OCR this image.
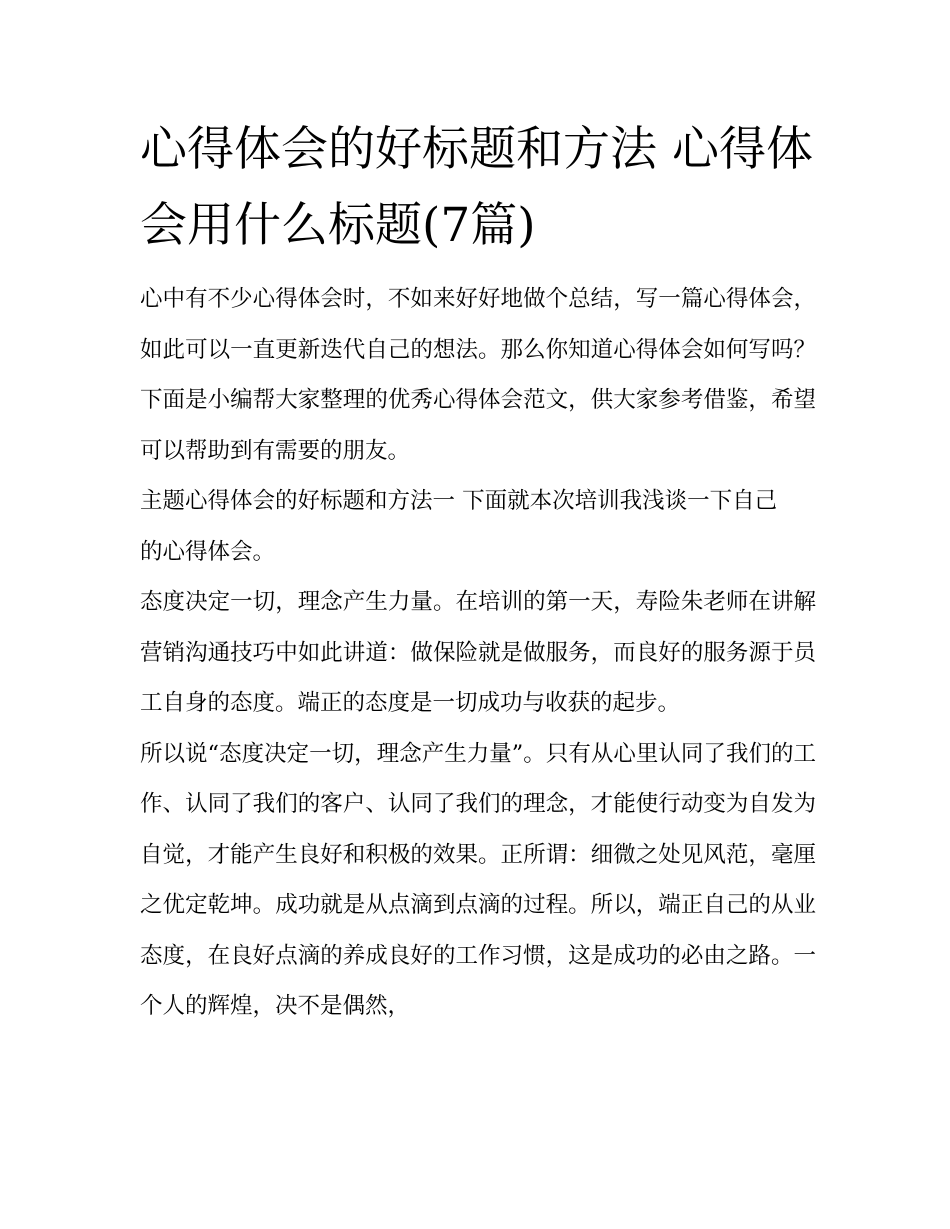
心得体会的好标题和方法 心得体会用什么标题(7篇)

心中有不少心得体会时，不如来好好地做个总结，写一篇心得体会，如此可以一直更新迭代自己的想法。那么你知道心得体会如何写吗？下面是小编帮大家整理的优秀心得体会范文，供大家参考借鉴，希望可以帮助到有需要的朋友。

主题心得体会的好标题和方法一 下面就本次培训我浅谈一下自己的心得体会。

态度决定一切，理念产生力量。在培训的第一天，寿险朱老师在讲解营销沟通技巧中如此讲道：做保险就是做服务，而良好的服务源于员工自身的态度。端正的态度是一切成功与收获的起步。

所以说“态度决定一切，理念产生力量”。只有从心里认同了我们的工作、认同了我们的客户、认同了我们的理念，才能使行动变为自发为自觉，才能产生良好和积极的效果。正所谓：细微之处见风范，毫厘之优定乾坤。成功就是从点滴到点滴的过程。所以，端正自己的从业态度，在良好点滴的养成良好的工作习惯，这是成功的必由之路。一个人的辉煌，决不是偶然，
